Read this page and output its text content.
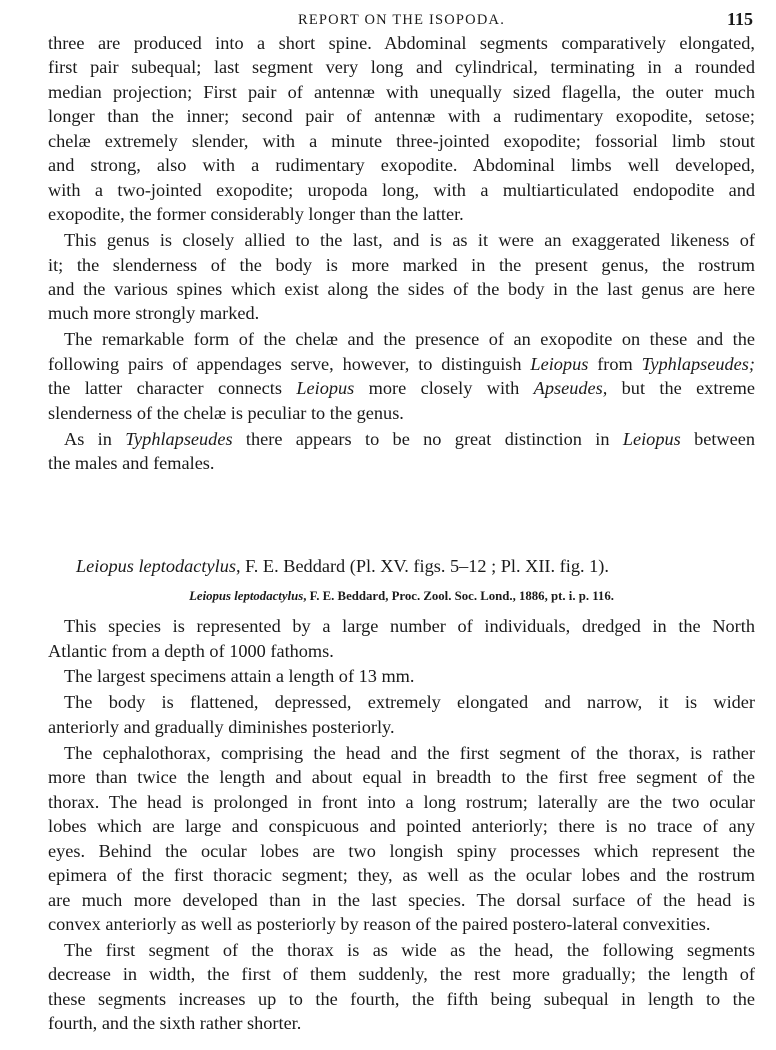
REPORT ON THE ISOPODA.	115
three are produced into a short spine. Abdominal segments comparatively elongated,
first pair subequal; last segment very long and cylindrical, terminating in a rounded
median projection; First pair of antennæ with unequally sized flagella, the outer much
longer than the inner; second pair of antennæ with a rudimentary exopodite, setose;
chelæ extremely slender, with a minute three-jointed exopodite; fossorial limb stout
and strong, also with a rudimentary exopodite. Abdominal limbs well developed,
with a two-jointed exopodite; uropoda long, with a multiarticulated endopodite and
exopodite, the former considerably longer than the latter.
This genus is closely allied to the last, and is as it were an exaggerated likeness of
it; the slenderness of the body is more marked in the present genus, the rostrum
and the various spines which exist along the sides of the body in the last genus are here
much more strongly marked.
The remarkable form of the chelæ and the presence of an exopodite on these and the
following pairs of appendages serve, however, to distinguish Leiopus from Typhlapseudes;
the latter character connects Leiopus more closely with Apseudes, but the extreme
slenderness of the chelæ is peculiar to the genus.
As in Typhlapseudes there appears to be no great distinction in Leiopus between
the males and females.
Leiopus leptodactylus, F. E. Beddard (Pl. XV. figs. 5–12 ; Pl. XII. fig. 1).
Leiopus leptodactylus, F. E. Beddard, Proc. Zool. Soc. Lond., 1886, pt. i. p. 116.
This species is represented by a large number of individuals, dredged in the North
Atlantic from a depth of 1000 fathoms.
The largest specimens attain a length of 13 mm.
The body is flattened, depressed, extremely elongated and narrow, it is wider
anteriorly and gradually diminishes posteriorly.
The cephalothorax, comprising the head and the first segment of the thorax, is rather
more than twice the length and about equal in breadth to the first free segment of the
thorax. The head is prolonged in front into a long rostrum; laterally are the two ocular
lobes which are large and conspicuous and pointed anteriorly; there is no trace of any
eyes. Behind the ocular lobes are two longish spiny processes which represent the
epimera of the first thoracic segment; they, as well as the ocular lobes and the rostrum
are much more developed than in the last species. The dorsal surface of the head is
convex anteriorly as well as posteriorly by reason of the paired postero-lateral convexities.
The first segment of the thorax is as wide as the head, the following segments
decrease in width, the first of them suddenly, the rest more gradually; the length of
these segments increases up to the fourth, the fifth being subequal in length to the
fourth, and the sixth rather shorter.
